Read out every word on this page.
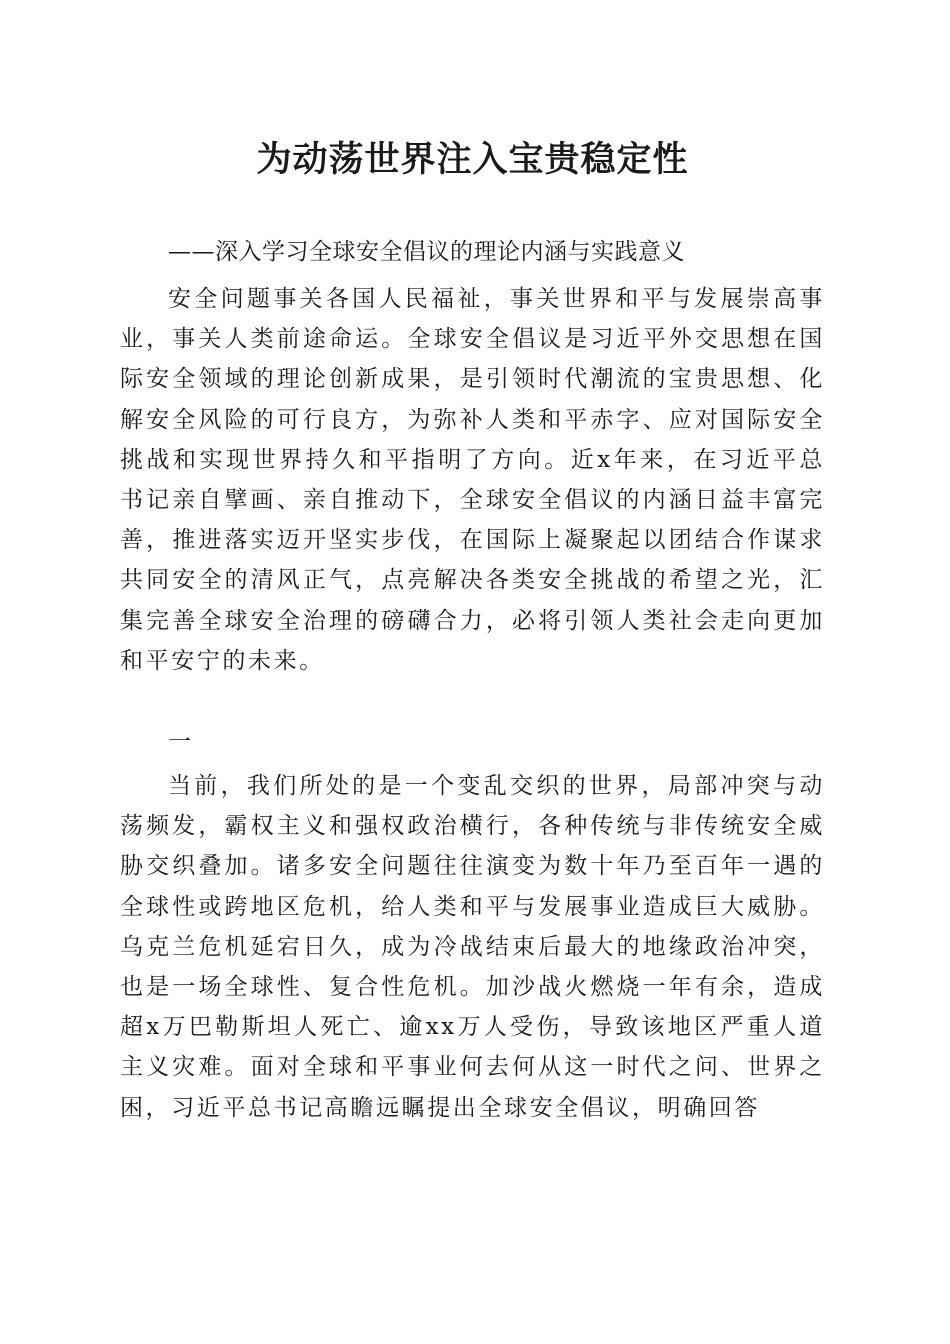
为动荡世界注入宝贵稳定性

——深入学习全球安全倡议的理论内涵与实践意义

安全问题事关各国人民福祉，事关世界和平与发展崇高事业，事关人类前途命运。全球安全倡议是习近平外交思想在国际安全领域的理论创新成果，是引领时代潮流的宝贵思想、化解安全风险的可行良方，为弥补人类和平赤字、应对国际安全挑战和实现世界持久和平指明了方向。近x年来，在习近平总书记亲自擘画、亲自推动下，全球安全倡议的内涵日益丰富完善，推进落实迈开坚实步伐，在国际上凝聚起以团结合作谋求共同安全的清风正气，点亮解决各类安全挑战的希望之光，汇集完善全球安全治理的磅礴合力，必将引领人类社会走向更加和平安宁的未来。

一

当前，我们所处的是一个变乱交织的世界，局部冲突与动荡频发，霸权主义和强权政治横行，各种传统与非传统安全威胁交织叠加。诸多安全问题往往演变为数十年乃至百年一遇的全球性或跨地区危机，给人类和平与发展事业造成巨大威胁。乌克兰危机延宕日久，成为冷战结束后最大的地缘政治冲突，也是一场全球性、复合性危机。加沙战火燃烧一年有余，造成超x万巴勒斯坦人死亡、逾xx万人受伤，导致该地区严重人道主义灾难。面对全球和平事业何去何从这一时代之问、世界之困，习近平总书记高瞻远瞩提出全球安全倡议，明确回答
